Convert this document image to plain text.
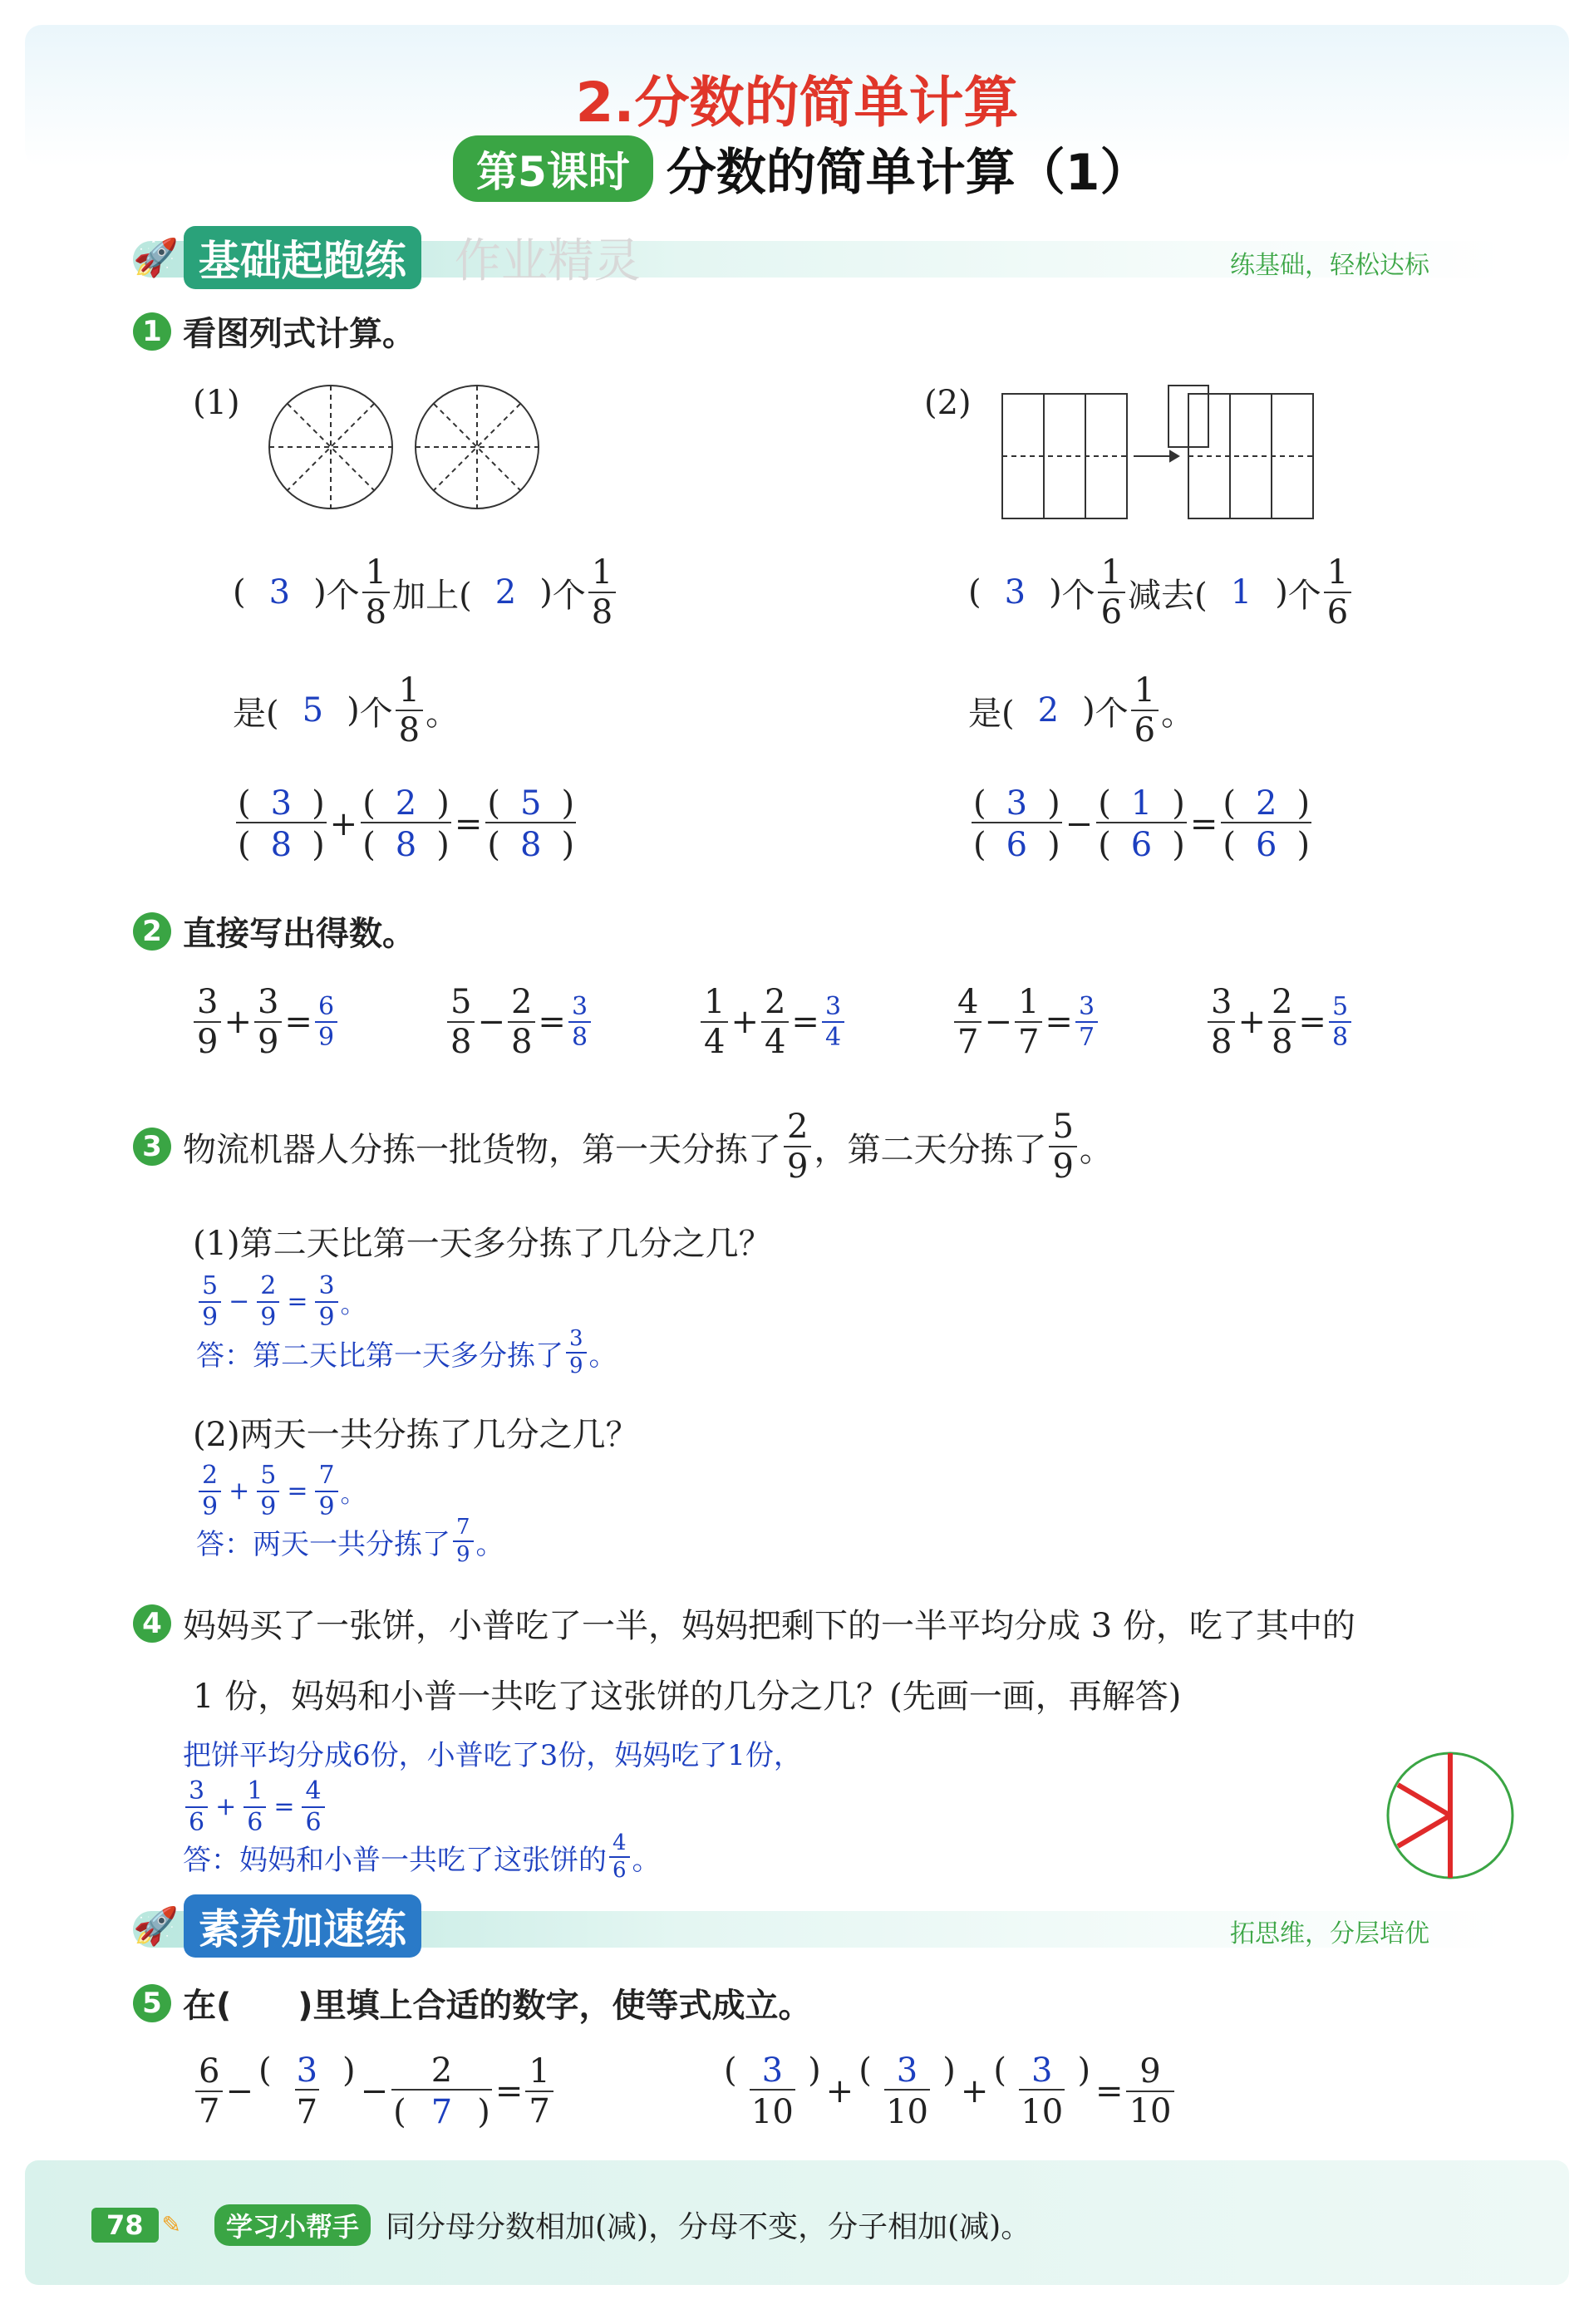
2.分数的简单计算
第5课时 分数的简单计算（1）
🚀 基础起跑练	作业精灵	练基础，轻松达标
1 看图列式计算。
(1)	(2)
( 3 ) 个 $\frac{1}{8}$ 加上( 2 ) 个 $\frac{1}{8}$
是( 5 ) 个 $\frac{1}{8}$ 。
( 3 )
( 8 )
+ $\frac{( 2 )}{( 8 )} = \frac{( 5 )}{( 8 )}$
( 3 ) 个 $\frac{1}{6}$ 减去( 1 ) 个 $\frac{1}{6}$
是( 2 ) 个 $\frac{1}{6}$ 。
( 3 )
( 6 )
− $\frac{( 1 )}{( 6 )} = \frac{( 2 )}{( 6 )}$
2 直接写出得数。
$\frac{3}{9} + \frac{3}{9} = \frac{6}{9}$	$\frac{5}{8} - \frac{2}{8} = \frac{3}{8}$	$\frac{1}{4} + \frac{2}{4} = \frac{3}{4}$	$\frac{4}{7} - \frac{1}{7} = \frac{3}{7}$	$\frac{3}{8} + \frac{2}{8} = \frac{5}{8}$
3 物流机器人分拣一批货物，第一天分拣了 $\frac{2}{9}$ ，第二天分拣了 $\frac{5}{9}$ 。
(1)第二天比第一天多分拣了几分之几？
$\frac{5}{9} - \frac{2}{9} = \frac{3}{9}$ 。
答：第二天比第一天多分拣了 $\frac{3}{9}$ 。
(2)两天一共分拣了几分之几？
$\frac{2}{9} + \frac{5}{9} = \frac{7}{9}$ 。
答：两天一共分拣了 $\frac{7}{9}$ 。
4 妈妈买了一张饼，小普吃了一半，妈妈把剩下的一半平均分成 3 份，吃了其中的
1 份，妈妈和小普一共吃了这张饼的几分之几？(先画一画，再解答)
把饼平均分成6份，小普吃了3份，妈妈吃了1份，
$\frac{3}{6} + \frac{1}{6} = \frac{4}{6}$
答：妈妈和小普一共吃了这张饼的 $\frac{4}{6}$ 。
🚀 素养加速练	拓思维，分层培优
5 在( )里填上合适的数字，使等式成立。
$\frac{6}{7} - \frac{( 3 )}{7} - \frac{2}{( 7 )} = \frac{1}{7}$	( 3 )
10
+ $\frac{( 3 )}{10} + \frac{( 3 )}{10} = \frac{9}{10}$
78 ✎	学习小帮手 同分母分数相加(减)，分母不变，分子相加(减)。
